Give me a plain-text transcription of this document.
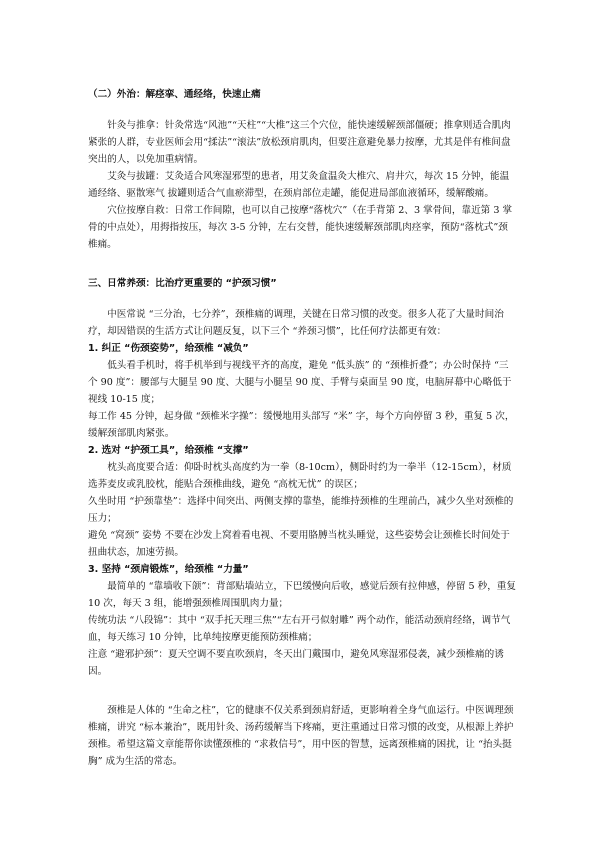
（二）外治：解痉挛、通经络，快速止痛

针灸与推拿：针灸常选“风池”“天柱”“大椎”这三个穴位，能快速缓解颈部僵硬；推拿则适合肌肉紧张的人群，专业医师会用“揉法”“滚法”放松颈肩肌肉，但要注意避免暴力按摩，尤其是伴有椎间盘突出的人，以免加重病情。

艾灸与拔罐：艾灸适合风寒湿邪型的患者，用艾灸盒温灸大椎穴、肩井穴，每次 15 分钟，能温通经络、驱散寒气 拔罐则适合气血瘀滞型，在颈肩部位走罐，能促进局部血液循环，缓解酸痛。

穴位按摩自救：日常工作间隙，也可以自己按摩“落枕穴”（在手背第 2、3 掌骨间，靠近第 3 掌骨的中点处），用拇指按压，每次 3-5 分钟，左右交替，能快速缓解颈部肌肉痉挛，预防“落枕式”颈椎痛。

三、日常养颈：比治疗更重要的 “护颈习惯”

中医常说 “三分治，七分养”，颈椎痛的调理，关键在日常习惯的改变。很多人花了大量时间治疗，却因错误的生活方式让问题反复，以下三个 “养颈习惯”，比任何疗法都更有效：

1. 纠正 “伤颈姿势”，给颈椎 “减负”

低头看手机时，将手机举到与视线平齐的高度，避免 “低头族” 的 “颈椎折叠”；办公时保持 “三个 90 度”：腰部与大腿呈 90 度、大腿与小腿呈 90 度、手臂与桌面呈 90 度，电脑屏幕中心略低于视线 10-15 度；

每工作 45 分钟，起身做 “颈椎米字操”：缓慢地用头部写 “米” 字，每个方向停留 3 秒，重复 5 次，缓解颈部肌肉紧张。

2. 选对 “护颈工具”，给颈椎 “支撑”

枕头高度要合适：仰卧时枕头高度约为一拳（8-10cm），侧卧时约为一拳半（12-15cm），材质选荞麦皮或乳胶枕，能贴合颈椎曲线，避免 “高枕无忧” 的误区；

久坐时用 “护颈靠垫”：选择中间突出、两侧支撑的靠垫，能维持颈椎的生理前凸，减少久坐对颈椎的压力；

避免 “窝颈” 姿势 不要在沙发上窝着看电视、不要用胳膊当枕头睡觉，这些姿势会让颈椎长时间处于扭曲状态，加速劳损。

3. 坚持 “颈肩锻炼”，给颈椎 “力量”

最简单的 “靠墙收下颌”：背部贴墙站立，下巴缓慢向后收，感觉后颈有拉伸感，停留 5 秒，重复 10 次，每天 3 组，能增强颈椎周围肌肉力量；

传统功法 “八段锦”：其中 “双手托天理三焦”“左右开弓似射雕” 两个动作，能活动颈肩经络，调节气血，每天练习 10 分钟，比单纯按摩更能预防颈椎痛；

注意 “避邪护颈”：夏天空调不要直吹颈肩，冬天出门戴围巾，避免风寒湿邪侵袭，减少颈椎痛的诱因。

颈椎是人体的 “生命之柱”，它的健康不仅关系到颈肩舒适，更影响着全身气血运行。中医调理颈椎痛，讲究 “标本兼治”，既用针灸、汤药缓解当下疼痛，更注重通过日常习惯的改变，从根源上养护颈椎。希望这篇文章能帮你读懂颈椎的 “求救信号”，用中医的智慧，远离颈椎痛的困扰，让 “抬头挺胸” 成为生活的常态。
